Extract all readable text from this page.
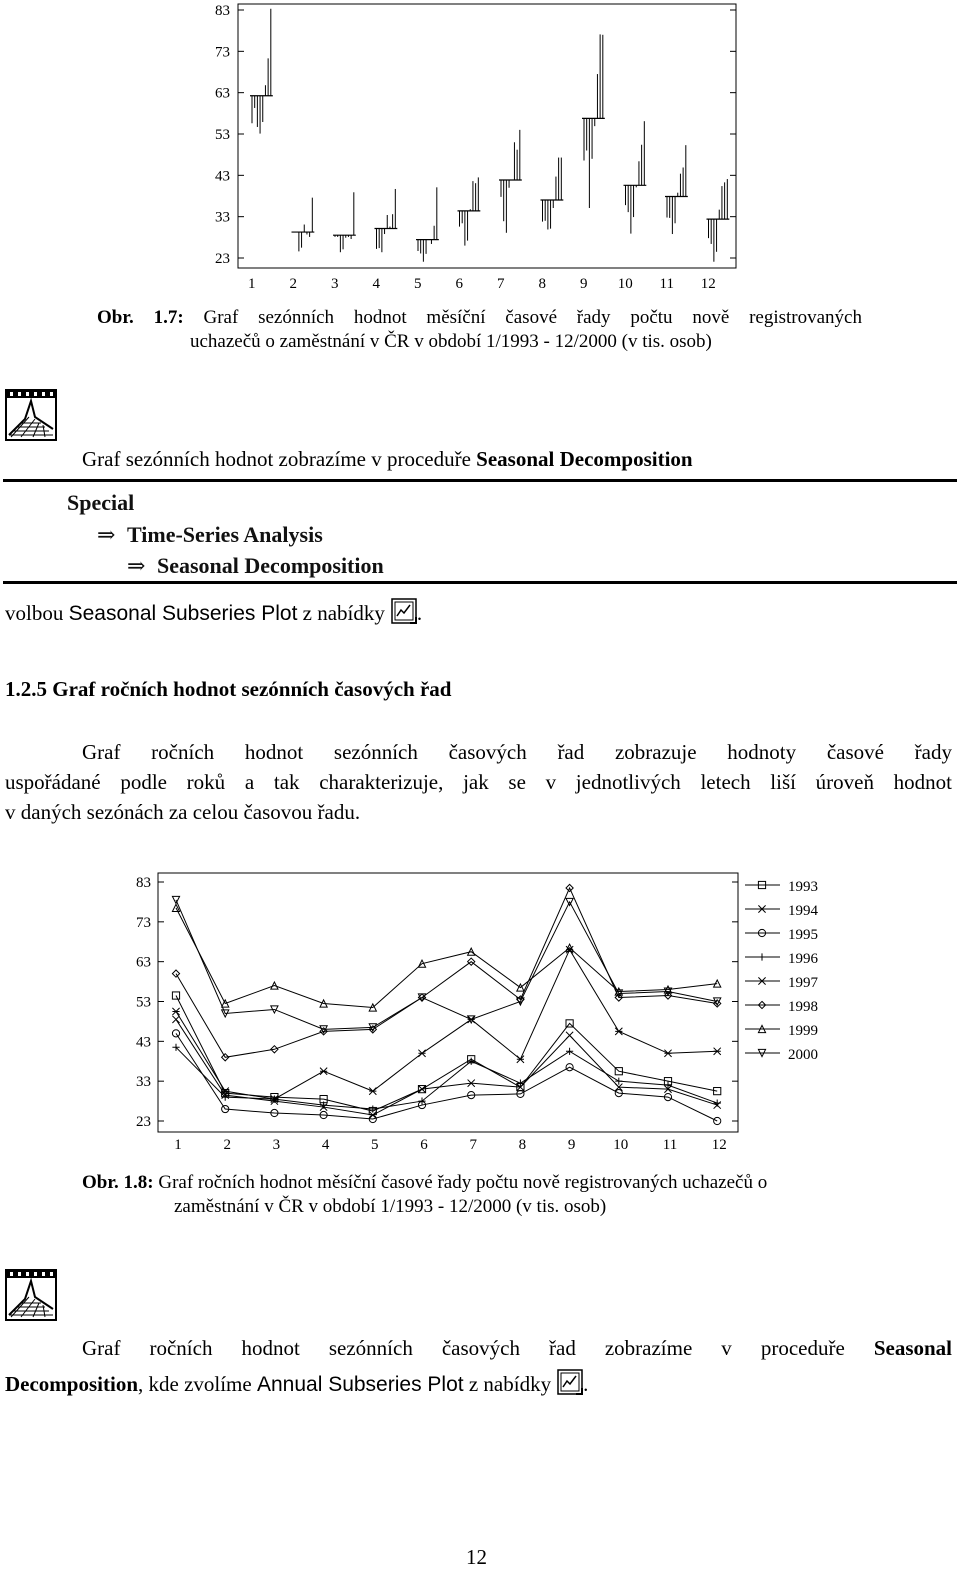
83
73
63
53
43
33
23
1 2 3 4 5 6 7 8 9 10 11 12
Obr. 1.7: Graf sezónních hodnot měsíční časové řady počtu nově registrovaných
uchazečů o zaměstnání v ČR v období 1/1993 - 12/2000 (v tis. osob)
Graf sezónních hodnot zobrazíme v proceduře Seasonal Decomposition
Special
⇒ Time-Series Analysis
⇒ Seasonal Decomposition
volbou Seasonal Subseries Plot z nabídky .
1.2.5 Graf ročních hodnot sezónních časových řad
Graf ročních hodnot sezónních časových řad zobrazuje hodnoty časové řady
uspořádané podle roků a tak charakterizuje, jak se v jednotlivých letech liší úroveň hodnot
v daných sezónách za celou časovou řadu.
83
73
63
53
43
33
23
1	2	3	4	5	6	7	8	9	10 11 12
1993
1994
1995
1996
1997
1998
1999
2000
Obr. 1.8: Graf ročních hodnot měsíční časové řady počtu nově registrovaných uchazečů o
zaměstnání v ČR v období 1/1993 - 12/2000 (v tis. osob)
Graf ročních hodnot sezónních časových řad zobrazíme v proceduře Seasonal
Decomposition, kde zvolíme Annual Subseries Plot z nabídky .
12
